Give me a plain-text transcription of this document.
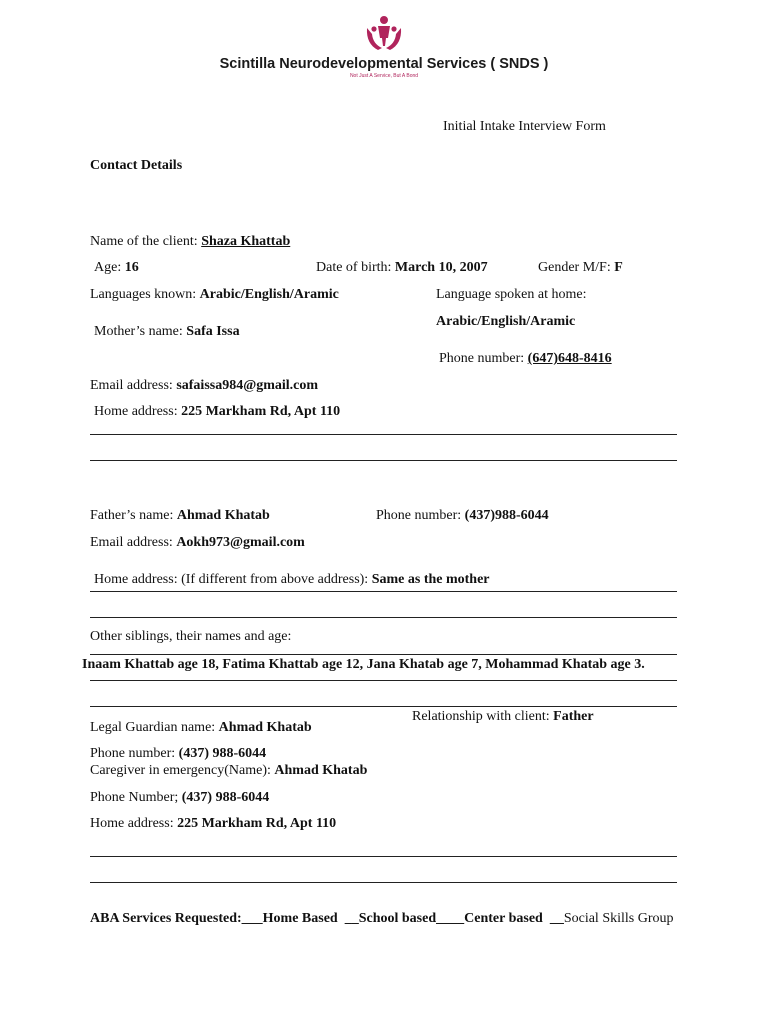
Scintilla Neurodevelopmental Services ( SNDS )
Not Just A Service, But A Bond
Initial Intake Interview Form
Contact Details
Name of the client: Shaza Khattab
Age: 16	Date of birth: March 10, 2007	Gender M/F: F
Languages known: Arabic/English/Aramic	Language spoken at home:
Arabic/English/Aramic
Mother’s name: Safa Issa
Phone number: (647)648-8416
Email address: safaissa984@gmail.com
Home address: 225 Markham Rd, Apt 110
Father’s name: Ahmad Khatab	Phone number: (437)988-6044
Email address: Aokh973@gmail.com
Home address: (If different from above address): Same as the mother
Other siblings, their names and age:
Inaam Khattab age 18, Fatima Khattab age 12, Jana Khatab age 7, Mohammad Khatab age 3.
Relationship with client: Father
Legal Guardian name: Ahmad Khatab
Phone number: (437) 988-6044
Caregiver in emergency(Name): Ahmad Khatab
Phone Number; (437) 988-6044
Home address: 225 Markham Rd, Apt 110
ABA Services Requested:___Home Based  __School based____Center based  __Social Skills Group
